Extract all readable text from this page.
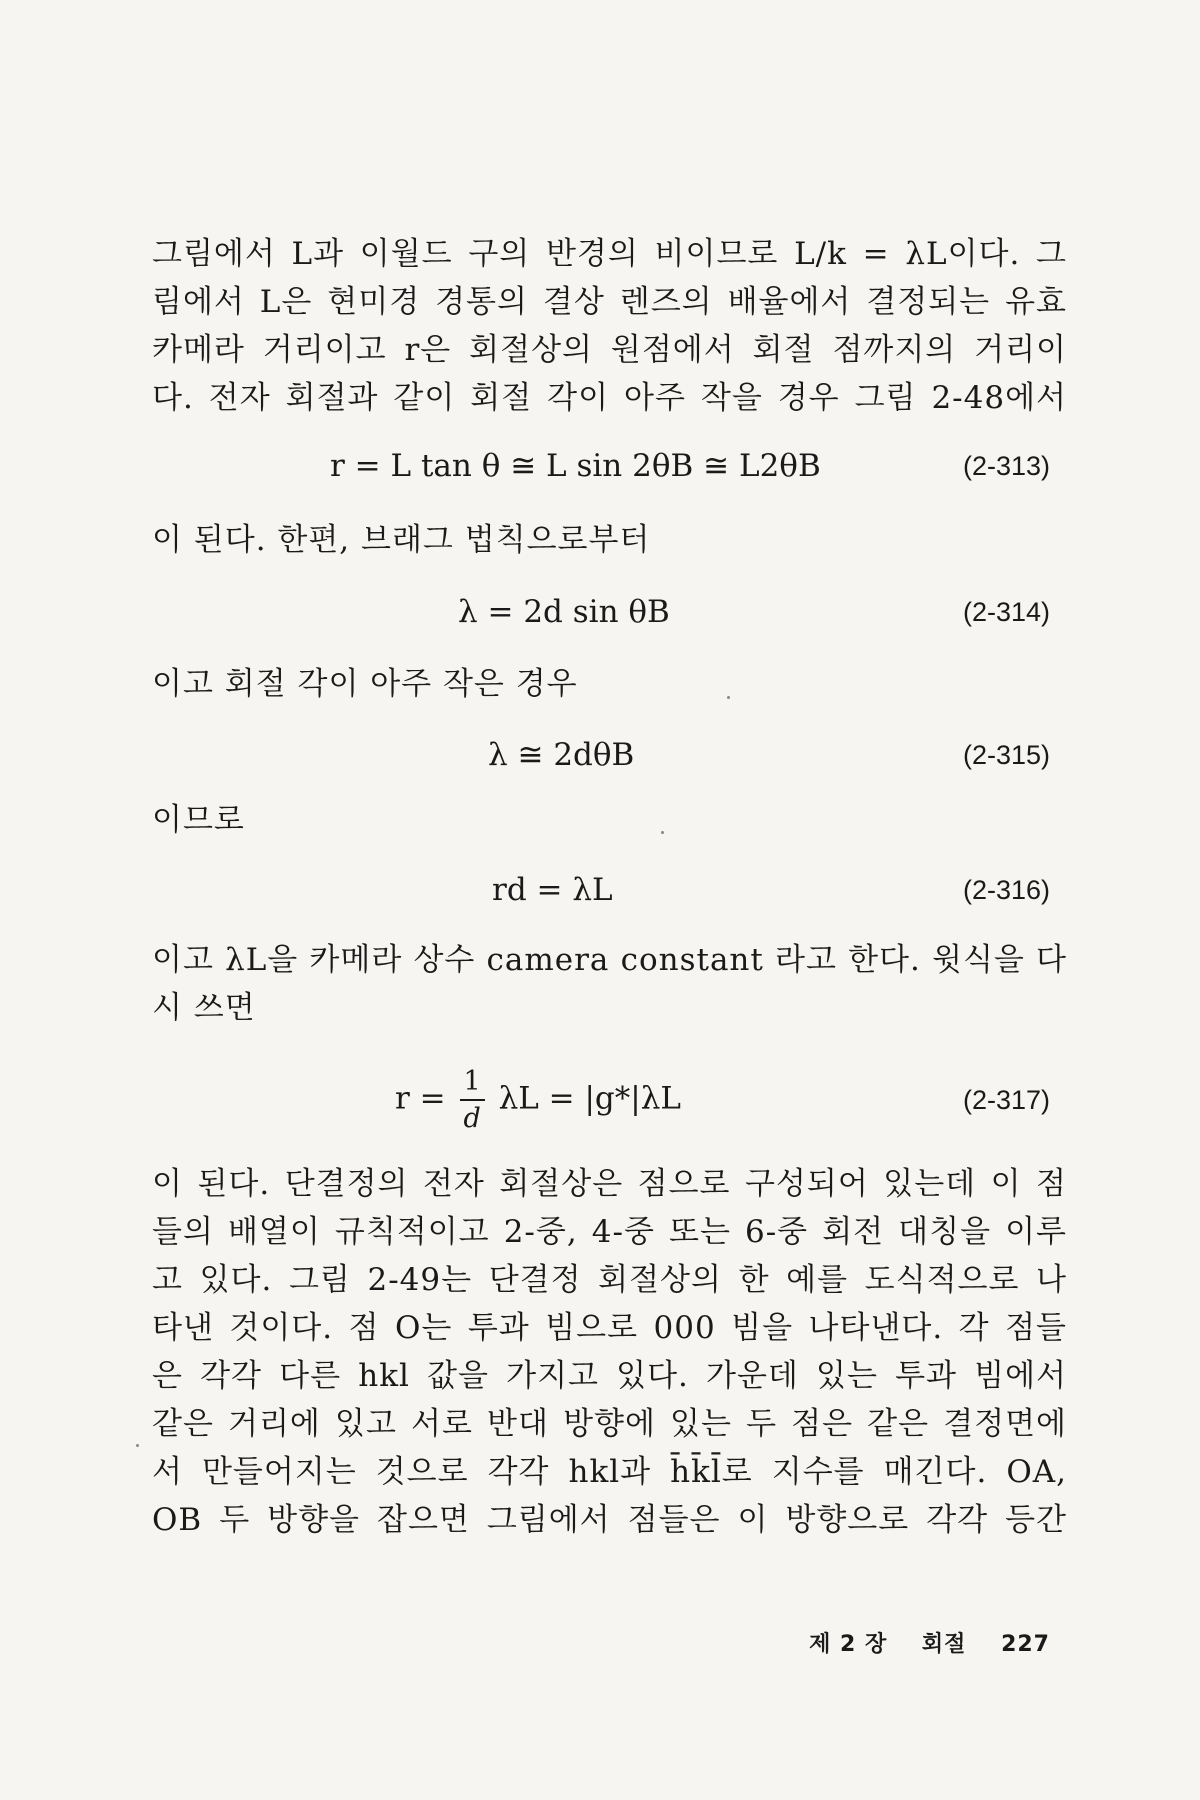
그림에서 L과 이월드 구의 반경의 비이므로 L/k = λL이다. 그
림에서 L은 현미경 경통의 결상 렌즈의 배율에서 결정되는 유효
카메라 거리이고 r은 회절상의 원점에서 회절 점까지의 거리이
다. 전자 회절과 같이 회절 각이 아주 작을 경우 그림 2-48에서
r = L tan θ ≅ L sin 2θB ≅ L2θB	(2-313)
이 된다. 한편, 브래그 법칙으로부터
λ = 2d sin θB	(2-314)
이고 회절 각이 아주 작은 경우
λ ≅ 2dθB	(2-315)
이므로
rd = λL	(2-316)
이고 λL을 카메라 상수 camera constant 라고 한다. 윗식을 다
시 쓰면
$r = \frac{1}{d}$ λL = |g*|λL	(2-317)
이 된다. 단결정의 전자 회절상은 점으로 구성되어 있는데 이 점
들의 배열이 규칙적이고 2-중, 4-중 또는 6-중 회전 대칭을 이루
고 있다. 그림 2-49는 단결정 회절상의 한 예를 도식적으로 나
타낸 것이다. 점 O는 투과 빔으로 000 빔을 나타낸다. 각 점들
은 각각 다른 hkl 값을 가지고 있다. 가운데 있는 투과 빔에서
같은 거리에 있고 서로 반대 방향에 있는 두 점은 같은 결정면에
서 만들어지는 것으로 각각 hkl과 h̄k̄l̄로 지수를 매긴다. OA,
OB 두 방향을 잡으면 그림에서 점들은 이 방향으로 각각 등간
제 2 장 회절 227
